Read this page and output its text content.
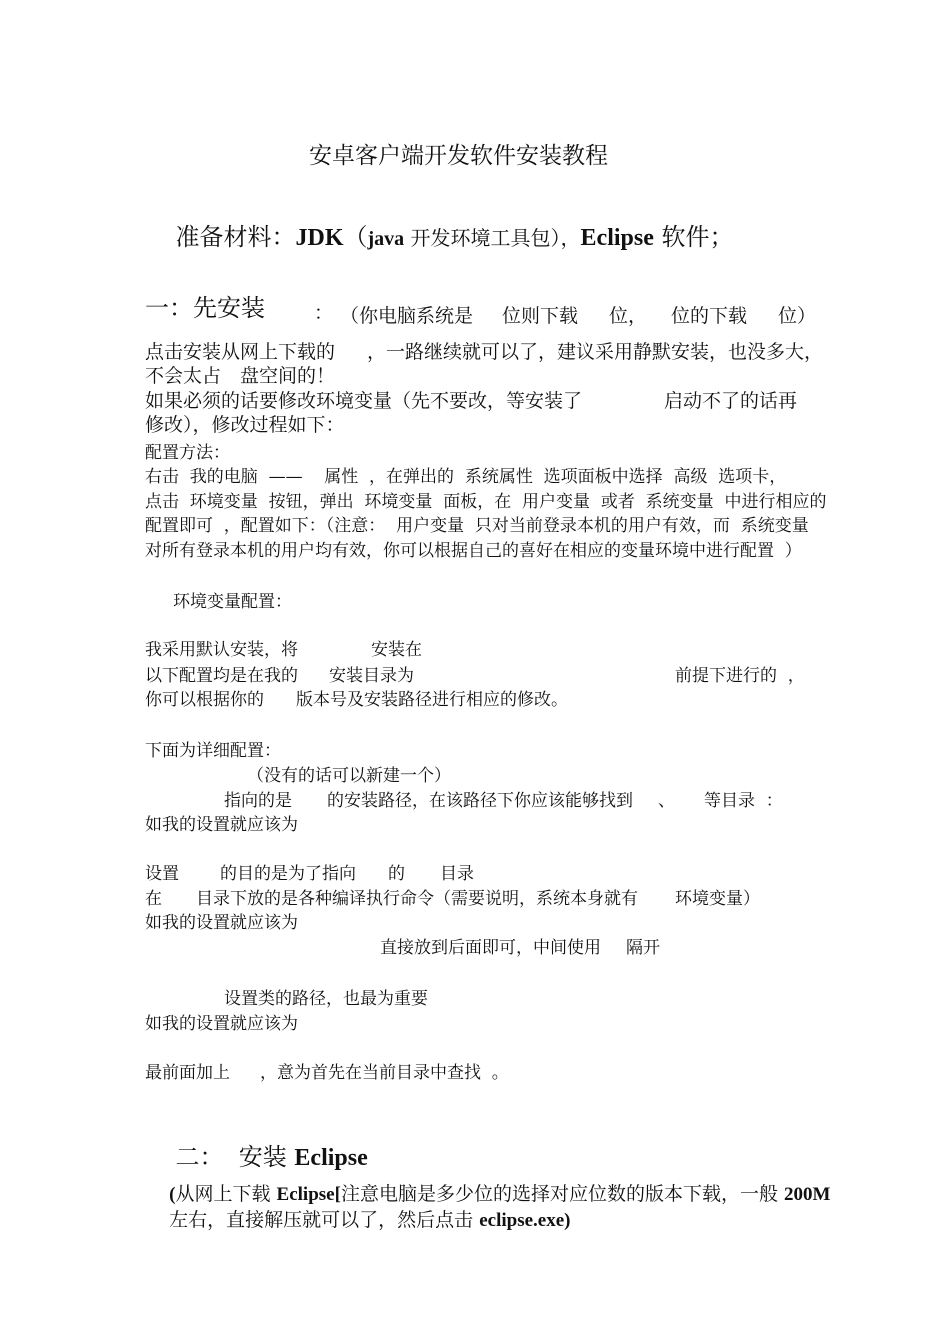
安卓客户端开发软件安装教程

准备材料：JDK（java 开发环境工具包），Eclipse 软件；

一：先安装	： （你电脑系统是 位则下载 位， 位的下载 位）
点击安装从网上下载的 ，一路继续就可以了，建议采用静默安装，也没多大，
不会太占 盘空间的！
如果必须的话要修改环境变量（先不要改，等安装了	启动不了的话再
修改），修改过程如下：
配置方法：
右击  我的电脑  ——    属性  ，在弹出的  系统属性  选项面板中选择  高级  选项卡，
点击  环境变量  按钮，弹出  环境变量  面板，在  用户变量  或者  系统变量  中进行相应的
配置即可  ，配置如下：（注意：  用户变量  只对当前登录本机的用户有效，而  系统变量
对所有登录本机的用户均有效，你可以根据自己的喜好在相应的变量环境中进行配置  ）
环境变量配置：
我采用默认安装，将	安装在
以下配置均是在我的 安装目录为	前提下进行的  ，
你可以根据你的 版本号及安装路径进行相应的修改。
下面为详细配置：
（没有的话可以新建一个）
指向的是 的安装路径，在该路径下你应该能够找到 、 等目录  ：
如我的设置就应该为
设置 的目的是为了指向 的 目录
在 目录下放的是各种编译执行命令（需要说明，系统本身就有 环境变量）
如我的设置就应该为
直接放到后面即可，中间使用 隔开
设置类的路径，也最为重要
如我的设置就应该为
最前面加上 ，意为首先在当前目录中查找  。

二：  安装 Eclipse

(从网上下载 Eclipse[注意电脑是多少位的选择对应位数的版本下载，一般 200M

左右，直接解压就可以了，然后点击 eclipse.exe)
